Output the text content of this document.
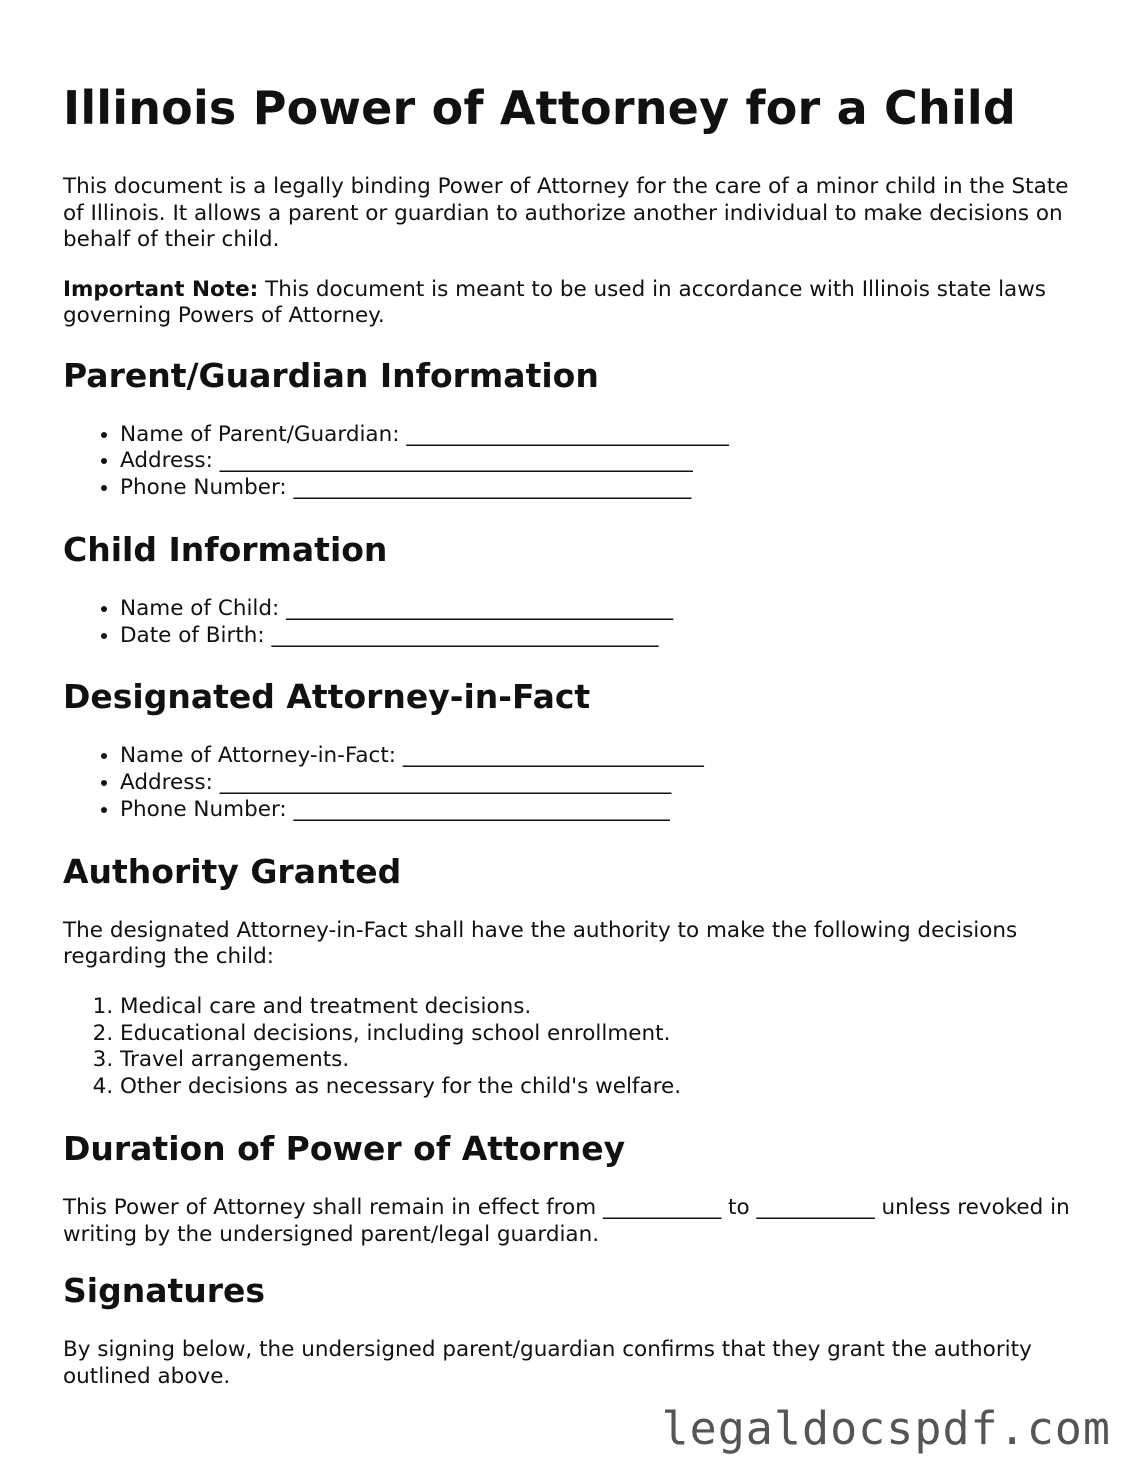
Illinois Power of Attorney for a Child

This document is a legally binding Power of Attorney for the care of a minor child in the State of Illinois. It allows a parent or guardian to authorize another individual to make decisions on behalf of their child.

Important Note: This document is meant to be used in accordance with Illinois state laws governing Powers of Attorney.

Parent/Guardian Information
• Name of Parent/Guardian: ______________________________
• Address: ____________________________________________
• Phone Number: _____________________________________
Child Information
• Name of Child: ____________________________________
• Date of Birth: ____________________________________
Designated Attorney-in-Fact
• Name of Attorney-in-Fact: ____________________________
• Address: __________________________________________
• Phone Number: ___________________________________
Authority Granted

The designated Attorney-in-Fact shall have the authority to make the following decisions regarding the child:

1. Medical care and treatment decisions.
2. Educational decisions, including school enrollment.
3. Travel arrangements.
4. Other decisions as necessary for the child's welfare.
Duration of Power of Attorney

This Power of Attorney shall remain in effect from ___________ to ___________ unless revoked in writing by the undersigned parent/legal guardian.

Signatures

By signing below, the undersigned parent/guardian confirms that they grant the authority outlined above.

legaldocspdf.com
